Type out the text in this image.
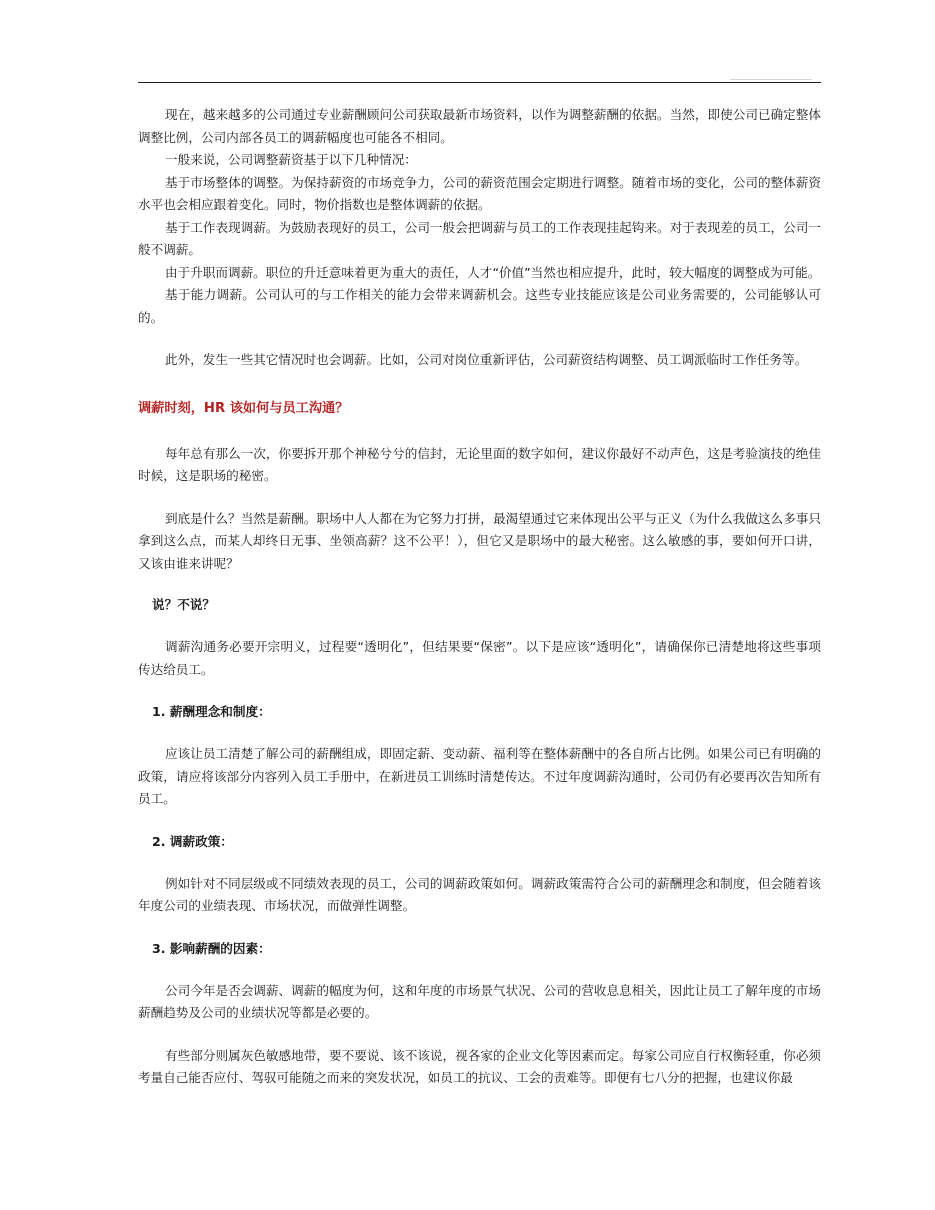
现在，越来越多的公司通过专业薪酬顾问公司获取最新市场资料，以作为调整薪酬的依据。当然，即使公司已确定整体调整比例，公司内部各员工的调薪幅度也可能各不相同。

一般来说，公司调整薪资基于以下几种情况：

基于市场整体的调整。为保持薪资的市场竞争力，公司的薪资范围会定期进行调整。随着市场的变化，公司的整体薪资水平也会相应跟着变化。同时，物价指数也是整体调薪的依据。

基于工作表现调薪。为鼓励表现好的员工，公司一般会把调薪与员工的工作表现挂起钩来。对于表现差的员工，公司一般不调薪。

由于升职而调薪。职位的升迁意味着更为重大的责任，人才“价值”当然也相应提升，此时，较大幅度的调整成为可能。

基于能力调薪。公司认可的与工作相关的能力会带来调薪机会。这些专业技能应该是公司业务需要的，公司能够认可的。

此外，发生一些其它情况时也会调薪。比如，公司对岗位重新评估，公司薪资结构调整、员工调派临时工作任务等。

调薪时刻，HR 该如何与员工沟通？

每年总有那么一次，你要拆开那个神秘兮兮的信封，无论里面的数字如何，建议你最好不动声色，这是考验演技的绝佳时候，这是职场的秘密。

到底是什么？当然是薪酬。职场中人人都在为它努力打拼，最渴望通过它来体现出公平与正义（为什么我做这么多事只拿到这么点，而某人却终日无事、坐领高薪？这不公平！），但它又是职场中的最大秘密。这么敏感的事，要如何开口讲，又该由谁来讲呢？

说？不说？

调薪沟通务必要开宗明义，过程要“透明化”，但结果要“保密”。以下是应该“透明化”，请确保你已清楚地将这些事项传达给员工。

1. 薪酬理念和制度：

应该让员工清楚了解公司的薪酬组成，即固定薪、变动薪、福利等在整体薪酬中的各自所占比例。如果公司已有明确的政策，请应将该部分内容列入员工手册中，在新进员工训练时清楚传达。不过年度调薪沟通时，公司仍有必要再次告知所有员工。

2. 调薪政策：

例如针对不同层级或不同绩效表现的员工，公司的调薪政策如何。调薪政策需符合公司的薪酬理念和制度，但会随着该年度公司的业绩表现、市场状况，而做弹性调整。

3. 影响薪酬的因素：

公司今年是否会调薪、调薪的幅度为何，这和年度的市场景气状况、公司的营收息息相关，因此让员工了解年度的市场薪酬趋势及公司的业绩状况等都是必要的。

有些部分则属灰色敏感地带，要不要说、该不该说，视各家的企业文化等因素而定。每家公司应自行权衡轻重，你必须考量自己能否应付、驾驭可能随之而来的突发状况，如员工的抗议、工会的责难等。即便有七八分的把握，也建议你最
